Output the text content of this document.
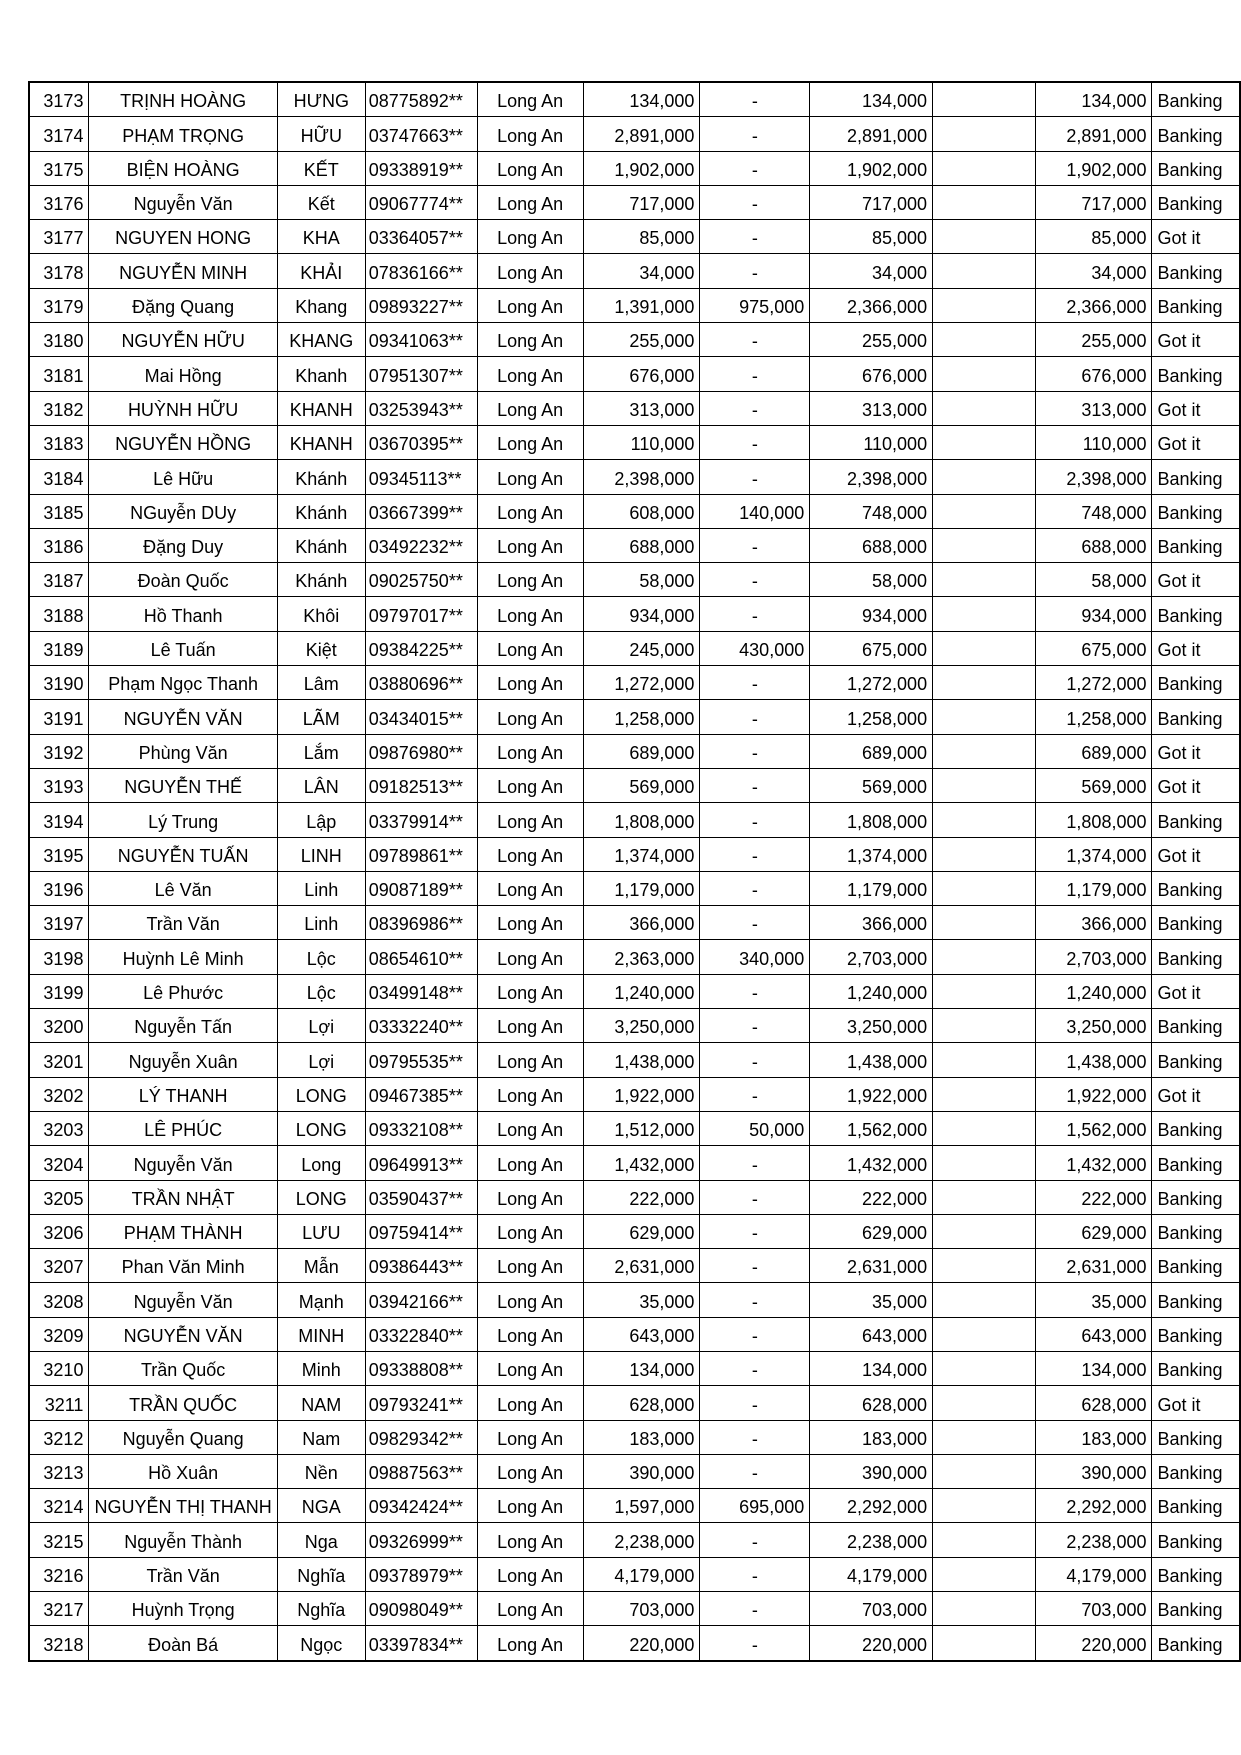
3173	TRỊNH HOÀNG	HƯNG	08775892**	Long An	134,000	-	134,000		134,000	Banking
3174	PHẠM TRỌNG	HỮU	03747663**	Long An	2,891,000	-	2,891,000		2,891,000	Banking
3175	BIỆN HOÀNG	KẾT	09338919**	Long An	1,902,000	-	1,902,000		1,902,000	Banking
3176	Nguyễn Văn	Kết	09067774**	Long An	717,000	-	717,000		717,000	Banking
3177	NGUYEN HONG	KHA	03364057**	Long An	85,000	-	85,000		85,000	Got it
3178	NGUYỄN MINH	KHẢI	07836166**	Long An	34,000	-	34,000		34,000	Banking
3179	Đặng Quang	Khang	09893227**	Long An	1,391,000	975,000	2,366,000		2,366,000	Banking
3180	NGUYỄN HỮU	KHANG	09341063**	Long An	255,000	-	255,000		255,000	Got it
3181	Mai Hồng	Khanh	07951307**	Long An	676,000	-	676,000		676,000	Banking
3182	HUỲNH HỮU	KHANH	03253943**	Long An	313,000	-	313,000		313,000	Got it
3183	NGUYỄN HỒNG	KHANH	03670395**	Long An	110,000	-	110,000		110,000	Got it
3184	Lê Hữu	Khánh	09345113**	Long An	2,398,000	-	2,398,000		2,398,000	Banking
3185	NGuyễn DUy	Khánh	03667399**	Long An	608,000	140,000	748,000		748,000	Banking
3186	Đặng Duy	Khánh	03492232**	Long An	688,000	-	688,000		688,000	Banking
3187	Đoàn Quốc	Khánh	09025750**	Long An	58,000	-	58,000		58,000	Got it
3188	Hồ Thanh	Khôi	09797017**	Long An	934,000	-	934,000		934,000	Banking
3189	Lê Tuấn	Kiệt	09384225**	Long An	245,000	430,000	675,000		675,000	Got it
3190	Phạm Ngọc Thanh	Lâm	03880696**	Long An	1,272,000	-	1,272,000		1,272,000	Banking
3191	NGUYỄN VĂN	LÃM	03434015**	Long An	1,258,000	-	1,258,000		1,258,000	Banking
3192	Phùng Văn	Lắm	09876980**	Long An	689,000	-	689,000		689,000	Got it
3193	NGUYỄN THẾ	LÂN	09182513**	Long An	569,000	-	569,000		569,000	Got it
3194	Lý Trung	Lập	03379914**	Long An	1,808,000	-	1,808,000		1,808,000	Banking
3195	NGUYỄN TUẤN	LINH	09789861**	Long An	1,374,000	-	1,374,000		1,374,000	Got it
3196	Lê Văn	Linh	09087189**	Long An	1,179,000	-	1,179,000		1,179,000	Banking
3197	Trần Văn	Linh	08396986**	Long An	366,000	-	366,000		366,000	Banking
3198	Huỳnh Lê Minh	Lộc	08654610**	Long An	2,363,000	340,000	2,703,000		2,703,000	Banking
3199	Lê Phước	Lộc	03499148**	Long An	1,240,000	-	1,240,000		1,240,000	Got it
3200	Nguyễn Tấn	Lợi	03332240**	Long An	3,250,000	-	3,250,000		3,250,000	Banking
3201	Nguyễn Xuân	Lợi	09795535**	Long An	1,438,000	-	1,438,000		1,438,000	Banking
3202	LÝ THANH	LONG	09467385**	Long An	1,922,000	-	1,922,000		1,922,000	Got it
3203	LÊ PHÚC	LONG	09332108**	Long An	1,512,000	50,000	1,562,000		1,562,000	Banking
3204	Nguyễn Văn	Long	09649913**	Long An	1,432,000	-	1,432,000		1,432,000	Banking
3205	TRẦN NHẬT	LONG	03590437**	Long An	222,000	-	222,000		222,000	Banking
3206	PHẠM THÀNH	LƯU	09759414**	Long An	629,000	-	629,000		629,000	Banking
3207	Phan Văn Minh	Mẫn	09386443**	Long An	2,631,000	-	2,631,000		2,631,000	Banking
3208	Nguyễn Văn	Mạnh	03942166**	Long An	35,000	-	35,000		35,000	Banking
3209	NGUYỄN VĂN	MINH	03322840**	Long An	643,000	-	643,000		643,000	Banking
3210	Trần Quốc	Minh	09338808**	Long An	134,000	-	134,000		134,000	Banking
3211	TRẦN QUỐC	NAM	09793241**	Long An	628,000	-	628,000		628,000	Got it
3212	Nguyễn Quang	Nam	09829342**	Long An	183,000	-	183,000		183,000	Banking
3213	Hồ Xuân	Nền	09887563**	Long An	390,000	-	390,000		390,000	Banking
3214	NGUYỄN THỊ THANH	NGA	09342424**	Long An	1,597,000	695,000	2,292,000		2,292,000	Banking
3215	Nguyễn Thành	Nga	09326999**	Long An	2,238,000	-	2,238,000		2,238,000	Banking
3216	Trần Văn	Nghĩa	09378979**	Long An	4,179,000	-	4,179,000		4,179,000	Banking
3217	Huỳnh Trọng	Nghĩa	09098049**	Long An	703,000	-	703,000		703,000	Banking
3218	Đoàn Bá	Ngọc	03397834**	Long An	220,000	-	220,000		220,000	Banking
